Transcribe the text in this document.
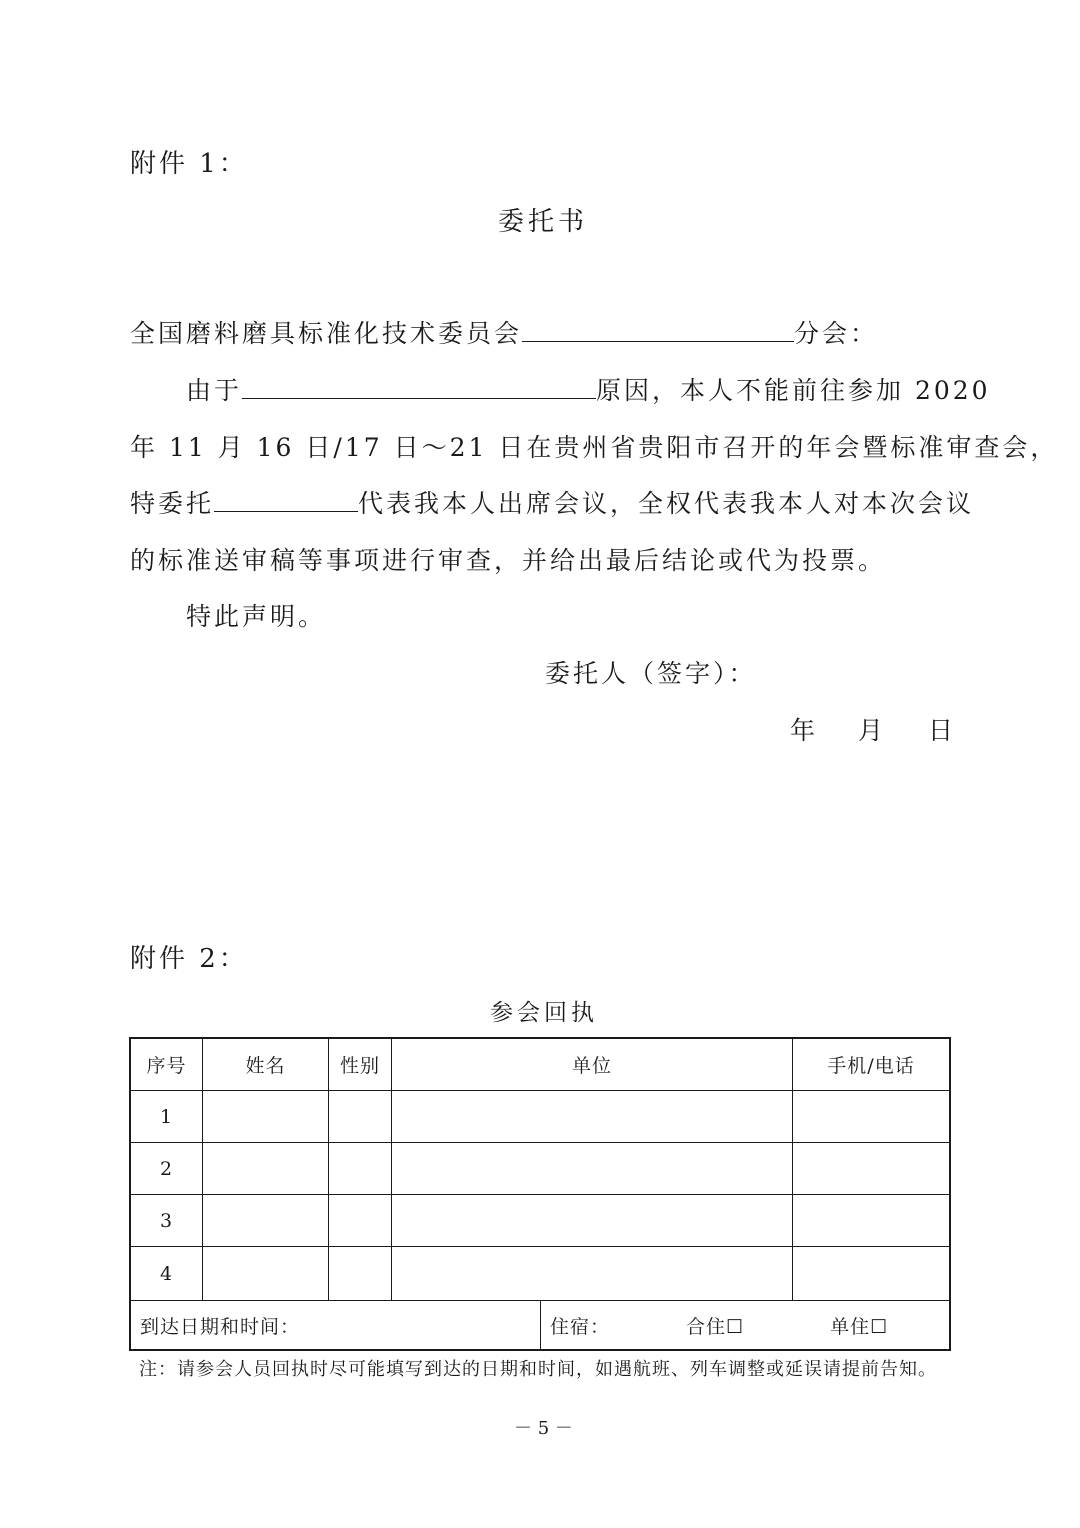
附件 1：
委托书
全国磨料磨具标准化技术委员会	分会：
由于	原因，本人不能前往参加 2020
年 11 月 16 日/17 日～21 日在贵州省贵阳市召开的年会暨标准审查会，
特委托	代表我本人出席会议，全权代表我本人对本次会议
的标准送审稿等事项进行审查，并给出最后结论或代为投票。
特此声明。
委托人（签字）：
年 月 日
附件 2：
参会回执
序号	姓名	性别	单位	手机/电话
1
2
3
4
到达日期和时间：	住宿：	合住☐	单住☐
注：请参会人员回执时尽可能填写到达的日期和时间，如遇航班、列车调整或延误请提前告知。
－ 5 －
